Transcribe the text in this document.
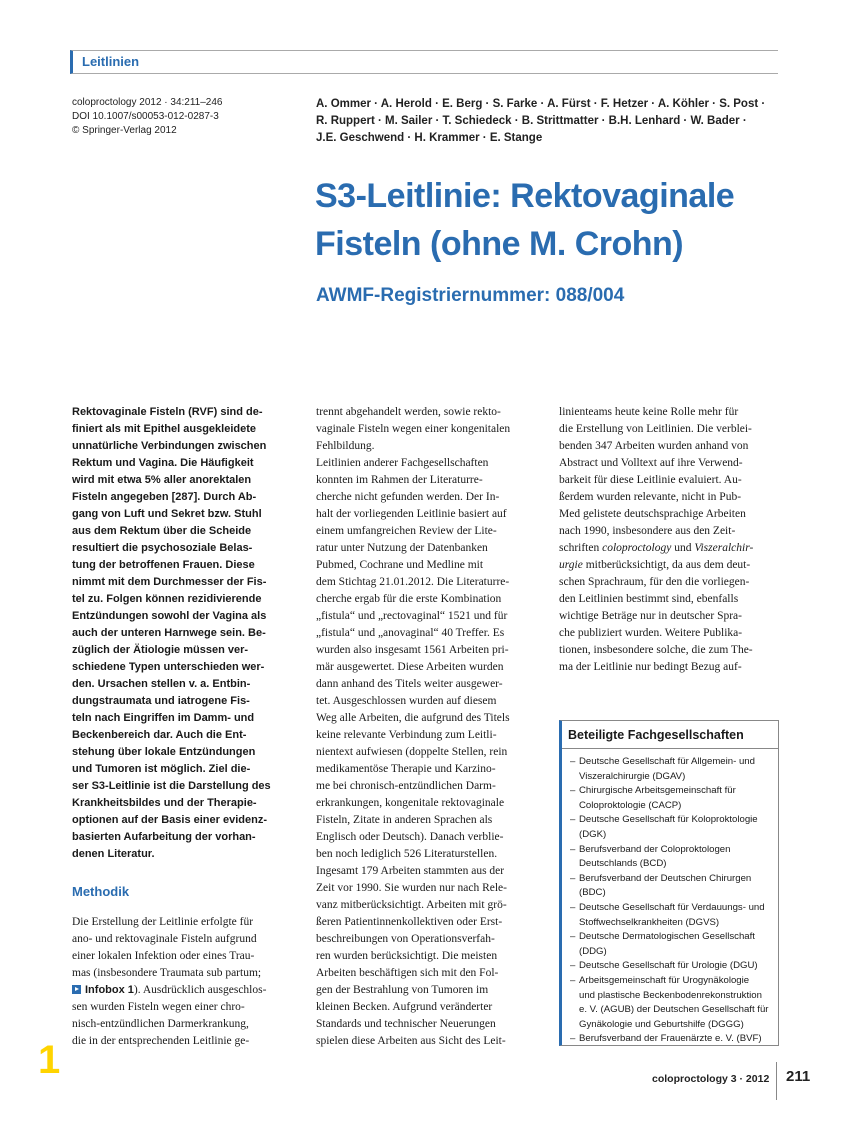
Leitlinien
coloproctology 2012 · 34:211–246
DOI 10.1007/s00053-012-0287-3
© Springer-Verlag 2012
A. Ommer · A. Herold · E. Berg · S. Farke · A. Fürst · F. Hetzer · A. Köhler · S. Post ·
R. Ruppert · M. Sailer · T. Schiedeck · B. Strittmatter · B.H. Lenhard · W. Bader ·
J.E. Geschwend · H. Krammer · E. Stange
S3-Leitlinie: Rektovaginale
Fisteln (ohne M. Crohn)
AWMF-Registriernummer: 088/004
Rektovaginale Fisteln (RVF) sind de-
finiert als mit Epithel ausgekleidete
unnatürliche Verbindungen zwischen
Rektum und Vagina. Die Häufigkeit
wird mit etwa 5% aller anorektalen
Fisteln angegeben [287]. Durch Ab-
gang von Luft und Sekret bzw. Stuhl
aus dem Rektum über die Scheide
resultiert die psychosoziale Belas-
tung der betroffenen Frauen. Diese
nimmt mit dem Durchmesser der Fis-
tel zu. Folgen können rezidivierende
Entzündungen sowohl der Vagina als
auch der unteren Harnwege sein. Be-
züglich der Ätiologie müssen ver-
schiedene Typen unterschieden wer-
den. Ursachen stellen v. a. Entbin-
dungstraumata und iatrogene Fis-
teln nach Eingriffen im Damm- und
Beckenbereich dar. Auch die Ent-
stehung über lokale Entzündungen
und Tumoren ist möglich. Ziel die-
ser S3-Leitlinie ist die Darstellung des
Krankheitsbildes und der Therapie-
optionen auf der Basis einer evidenz-
basierten Aufarbeitung der vorhan-
denen Literatur.
Methodik
Die Erstellung der Leitlinie erfolgte für
ano- und rektovaginale Fisteln aufgrund
einer lokalen Infektion oder eines Trau-
mas (insbesondere Traumata sub partum;
Infobox 1). Ausdrücklich ausgeschlos-
sen wurden Fisteln wegen einer chro-
nisch-entzündlichen Darmerkrankung,
die in der entsprechenden Leitlinie ge-
trennt abgehandelt werden, sowie rekto-
vaginale Fisteln wegen einer kongenitalen
Fehlbildung.
Leitlinien anderer Fachgesellschaften
konnten im Rahmen der Literaturre-
cherche nicht gefunden werden. Der In-
halt der vorliegenden Leitlinie basiert auf
einem umfangreichen Review der Lite-
ratur unter Nutzung der Datenbanken
Pubmed, Cochrane und Medline mit
dem Stichtag 21.01.2012. Die Literaturre-
cherche ergab für die erste Kombination
„fistula“ und „rectovaginal“ 1521 und für
„fistula“ und „anovaginal“ 40 Treffer. Es
wurden also insgesamt 1561 Arbeiten pri-
mär ausgewertet. Diese Arbeiten wurden
dann anhand des Titels weiter ausgewer-
tet. Ausgeschlossen wurden auf diesem
Weg alle Arbeiten, die aufgrund des Titels
keine relevante Verbindung zum Leitli-
nientext aufwiesen (doppelte Stellen, rein
medikamentöse Therapie und Karzino-
me bei chronisch-entzündlichen Darm-
erkrankungen, kongenitale rektovaginale
Fisteln, Zitate in anderen Sprachen als
Englisch oder Deutsch). Danach verblie-
ben noch lediglich 526 Literaturstellen.
Ingesamt 179 Arbeiten stammten aus der
Zeit vor 1990. Sie wurden nur nach Rele-
vanz mitberücksichtigt. Arbeiten mit grö-
ßeren Patientinnenkollektiven oder Erst-
beschreibungen von Operationsverfah-
ren wurden berücksichtigt. Die meisten
Arbeiten beschäftigen sich mit den Fol-
gen der Bestrahlung von Tumoren im
kleinen Becken. Aufgrund veränderter
Standards und technischer Neuerungen
spielen diese Arbeiten aus Sicht des Leit-
linienteams heute keine Rolle mehr für
die Erstellung von Leitlinien. Die verblei-
benden 347 Arbeiten wurden anhand von
Abstract und Volltext auf ihre Verwend-
barkeit für diese Leitlinie evaluiert. Au-
ßerdem wurden relevante, nicht in Pub-
Med gelistete deutschsprachige Arbeiten
nach 1990, insbesondere aus den Zeit-
schriften coloproctology und Viszeralchir-
urgie mitberücksichtigt, da aus dem deut-
schen Sprachraum, für den die vorliegen-
den Leitlinien bestimmt sind, ebenfalls
wichtige Beträge nur in deutscher Spra-
che publiziert wurden. Weitere Publika-
tionen, insbesondere solche, die zum The-
ma der Leitlinie nur bedingt Bezug auf-
Beteiligte Fachgesellschaften
– Deutsche Gesellschaft für Allgemein- und
Viszeralchirurgie (DGAV)
– Chirurgische Arbeitsgemeinschaft für
Coloproktologie (CACP)
– Deutsche Gesellschaft für Koloproktologie
(DGK)
– Berufsverband der Coloproktologen
Deutschlands (BCD)
– Berufsverband der Deutschen Chirurgen
(BDC)
– Deutsche Gesellschaft für Verdauungs- und
Stoffwechselkrankheiten (DGVS)
– Deutsche Dermatologischen Gesellschaft
(DDG)
– Deutsche Gesellschaft für Urologie (DGU)
– Arbeitsgemeinschaft für Urogynäkologie
und plastische Beckenbodenrekonstruktion
e. V. (AGUB) der Deutschen Gesellschaft für
Gynäkologie und Geburtshilfe (DGGG)
– Berufsverband der Frauenärzte e. V. (BVF)
coloproctology 3 · 2012 211
1
